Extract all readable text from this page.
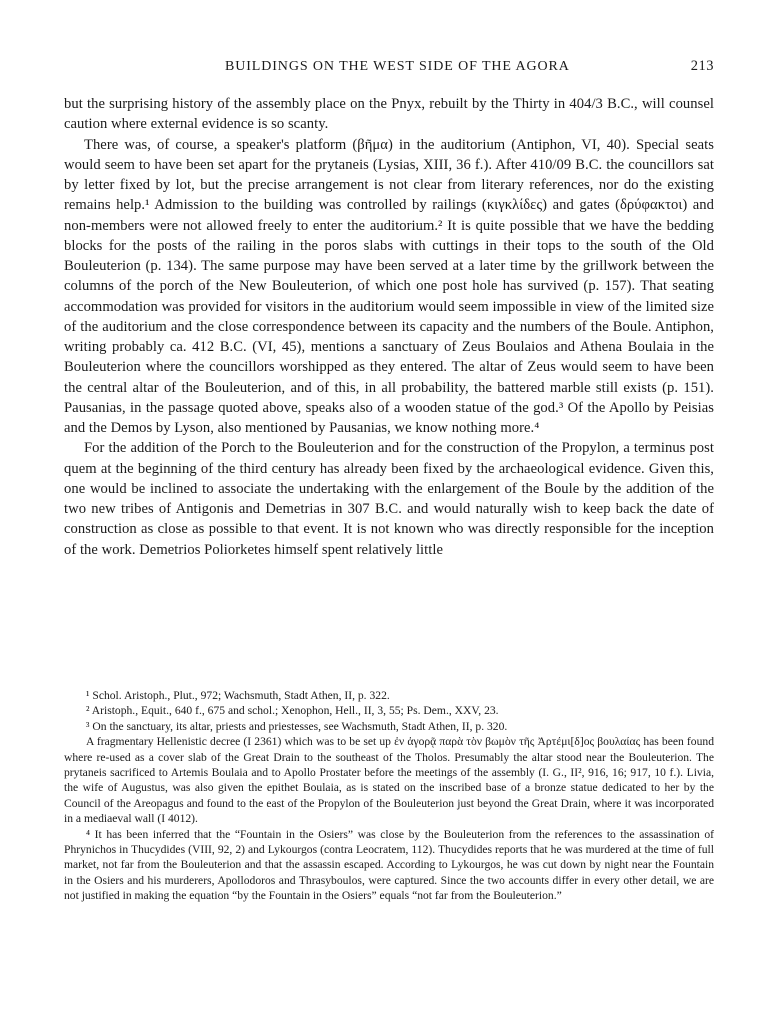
BUILDINGS ON THE WEST SIDE OF THE AGORA	213

but the surprising history of the assembly place on the Pnyx, rebuilt by the Thirty in 404/3 B.C., will counsel caution where external evidence is so scanty.

There was, of course, a speaker's platform (βῆμα) in the auditorium (Antiphon, VI, 40). Special seats would seem to have been set apart for the prytaneis (Lysias, XIII, 36 f.). After 410/09 B.C. the councillors sat by letter fixed by lot, but the precise arrangement is not clear from literary references, nor do the existing remains help.¹ Admission to the building was controlled by railings (κιγκλίδες) and gates (δρύφακτοι) and non-members were not allowed freely to enter the auditorium.² It is quite possible that we have the bedding blocks for the posts of the railing in the poros slabs with cuttings in their tops to the south of the Old Bouleuterion (p. 134). The same purpose may have been served at a later time by the grillwork between the columns of the porch of the New Bouleuterion, of which one post hole has survived (p. 157). That seating accommodation was provided for visitors in the auditorium would seem impossible in view of the limited size of the auditorium and the close correspondence between its capacity and the numbers of the Boule. Antiphon, writing probably ca. 412 B.C. (VI, 45), mentions a sanctuary of Zeus Boulaios and Athena Boulaia in the Bouleuterion where the councillors worshipped as they entered. The altar of Zeus would seem to have been the central altar of the Bouleuterion, and of this, in all probability, the battered marble still exists (p. 151). Pausanias, in the passage quoted above, speaks also of a wooden statue of the god.³ Of the Apollo by Peisias and the Demos by Lyson, also mentioned by Pausanias, we know nothing more.⁴

For the addition of the Porch to the Bouleuterion and for the construction of the Propylon, a terminus post quem at the beginning of the third century has already been fixed by the archaeological evidence. Given this, one would be inclined to associate the undertaking with the enlargement of the Boule by the addition of the two new tribes of Antigonis and Demetrias in 307 B.C. and would naturally wish to keep back the date of construction as close as possible to that event. It is not known who was directly responsible for the inception of the work. Demetrios Poliorketes himself spent relatively little

¹ Schol. Aristoph., Plut., 972; Wachsmuth, Stadt Athen, II, p. 322.

² Aristoph., Equit., 640 f., 675 and schol.; Xenophon, Hell., II, 3, 55; Ps. Dem., XXV, 23.

³ On the sanctuary, its altar, priests and priestesses, see Wachsmuth, Stadt Athen, II, p. 320.

A fragmentary Hellenistic decree (I 2361) which was to be set up ἐν ἀγορᾷ παρὰ τὸν βωμὸν τῆς Ἀρτέμι[δ]ος βουλαίας has been found where re-used as a cover slab of the Great Drain to the southeast of the Tholos. Presumably the altar stood near the Bouleuterion. The prytaneis sacrificed to Artemis Boulaia and to Apollo Prostater before the meetings of the assembly (I. G., II², 916, 16; 917, 10 f.). Livia, the wife of Augustus, was also given the epithet Boulaia, as is stated on the inscribed base of a bronze statue dedicated to her by the Council of the Areopagus and found to the east of the Propylon of the Bouleuterion just beyond the Great Drain, where it was incorporated in a mediaeval wall (I 4012).

⁴ It has been inferred that the “Fountain in the Osiers” was close by the Bouleuterion from the references to the assassination of Phrynichos in Thucydides (VIII, 92, 2) and Lykourgos (contra Leocratem, 112). Thucydides reports that he was murdered at the time of full market, not far from the Bouleuterion and that the assassin escaped. According to Lykourgos, he was cut down by night near the Fountain in the Osiers and his murderers, Apollodoros and Thrasyboulos, were captured. Since the two accounts differ in every other detail, we are not justified in making the equation “by the Fountain in the Osiers” equals “not far from the Bouleuterion.”
